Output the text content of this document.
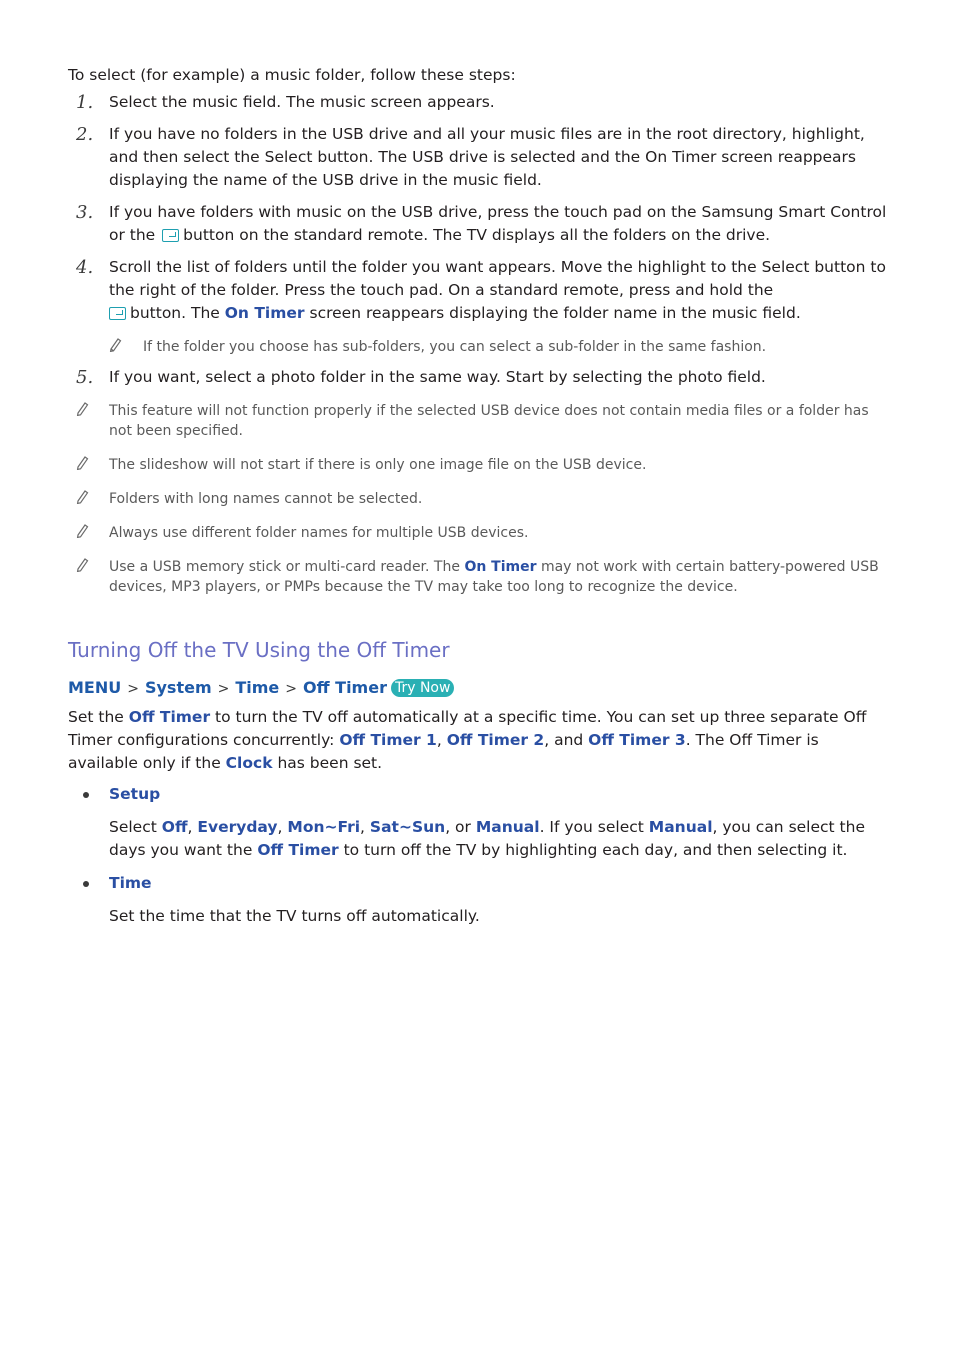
To select (for example) a music folder, follow these steps:
1.	Select the music field. The music screen appears.
2.	If you have no folders in the USB drive and all your music files are in the root directory, highlight, and then select the Select button. The USB drive is selected and the On Timer screen reappears displaying the name of the USB drive in the music field.
3.	If you have folders with music on the USB drive, press the touch pad on the Samsung Smart Control or the button on the standard remote. The TV displays all the folders on the drive.
4.	Scroll the list of folders until the folder you want appears. Move the highlight to the Select button to the right of the folder. Press the touch pad. On a standard remote, press and hold the
button. The On Timer screen reappears displaying the folder name in the music field.
If the folder you choose has sub-folders, you can select a sub-folder in the same fashion.
5.	If you want, select a photo folder in the same way. Start by selecting the photo field.
This feature will not function properly if the selected USB device does not contain media files or a folder has not been specified.
The slideshow will not start if there is only one image file on the USB device.
Folders with long names cannot be selected.
Always use different folder names for multiple USB devices.
Use a USB memory stick or multi-card reader. The On Timer may not work with certain battery-powered USB devices, MP3 players, or PMPs because the TV may take too long to recognize the device.
Turning Off the TV Using the Off Timer
MENU > System > Time > Off Timer Try Now
Set the Off Timer to turn the TV off automatically at a specific time. You can set up three separate Off Timer configurations concurrently: Off Timer 1, Off Timer 2, and Off Timer 3. The Off Timer is available only if the Clock has been set.
Setup
Select Off, Everyday, Mon~Fri, Sat~Sun, or Manual. If you select Manual, you can select the days you want the Off Timer to turn off the TV by highlighting each day, and then selecting it.
Time
Set the time that the TV turns off automatically.
